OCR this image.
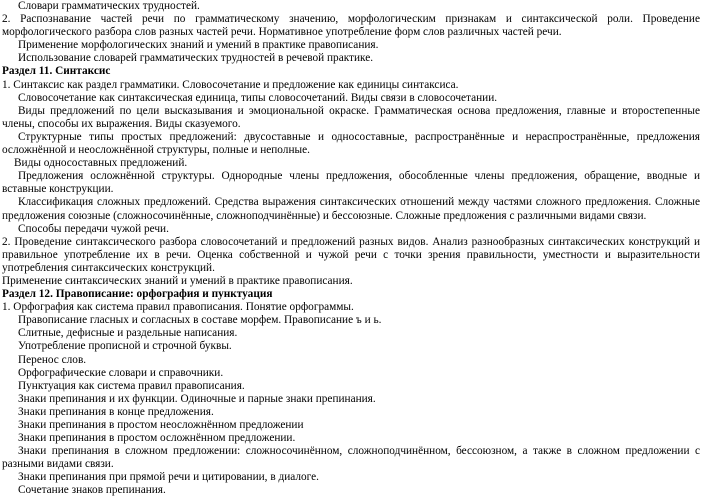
Словари грамматических трудностей.

2. Распознавание частей речи по грамматическому значению, морфологическим признакам и синтаксической роли. Проведение морфологического разбора слов разных частей речи. Нормативное употребление форм слов различных частей речи.

Применение морфологических знаний и умений в практике правописания.

Использование словарей грамматических трудностей в речевой практике.

Раздел 11. Синтаксис

1. Синтаксис как раздел грамматики. Словосочетание и предложение как единицы синтаксиса.

Словосочетание как синтаксическая единица, типы словосочетаний. Виды связи в словосочетании.

Виды предложений по цели высказывания и эмоциональной окраске. Грамматическая основа предложения, главные и второстепенные члены, способы их выражения. Виды сказуемого.

Структурные типы простых предложений: двусоставные и односоставные, распространённые и нераспространённые, предложения осложнённой и неосложнённой структуры, полные и неполные.

Виды односоставных предложений.

Предложения осложнённой структуры. Однородные члены предложения, обособленные члены предложения, обращение, вводные и вставные конструкции.

Классификация сложных предложений. Средства выражения синтаксических отношений между частями сложного предложения. Сложные предложения союзные (сложносочинённые, сложноподчинённые) и бессоюзные. Сложные предложения с различными видами связи.

Способы передачи чужой речи.

2. Проведение синтаксического разбора словосочетаний и предложений разных видов. Анализ разнообразных синтаксических конструкций и правильное употребление их в речи. Оценка собственной и чужой речи с точки зрения правильности, уместности и выразительности употребления синтаксических конструкций.

Применение синтаксических знаний и умений в практике правописания.

Раздел 12. Правописание: орфография и пунктуация

1. Орфография как система правил правописания. Понятие орфограммы.

Правописание гласных и согласных в составе морфем. Правописание ъ и ь.

Слитные, дефисные и раздельные написания.

Употребление прописной и строчной буквы.

Перенос слов.

Орфографические словари и справочники.

Пунктуация как система правил правописания.

Знаки препинания и их функции. Одиночные и парные знаки препинания.

Знаки препинания в конце предложения.

Знаки препинания в простом неосложнённом предложении

Знаки препинания в простом осложнённом предложении.

Знаки препинания в сложном предложении: сложносочинённом, сложноподчинённом, бессоюзном, а также в сложном предложении с разными видами связи.

Знаки препинания при прямой речи и цитировании, в диалоге.

Сочетание знаков препинания.
